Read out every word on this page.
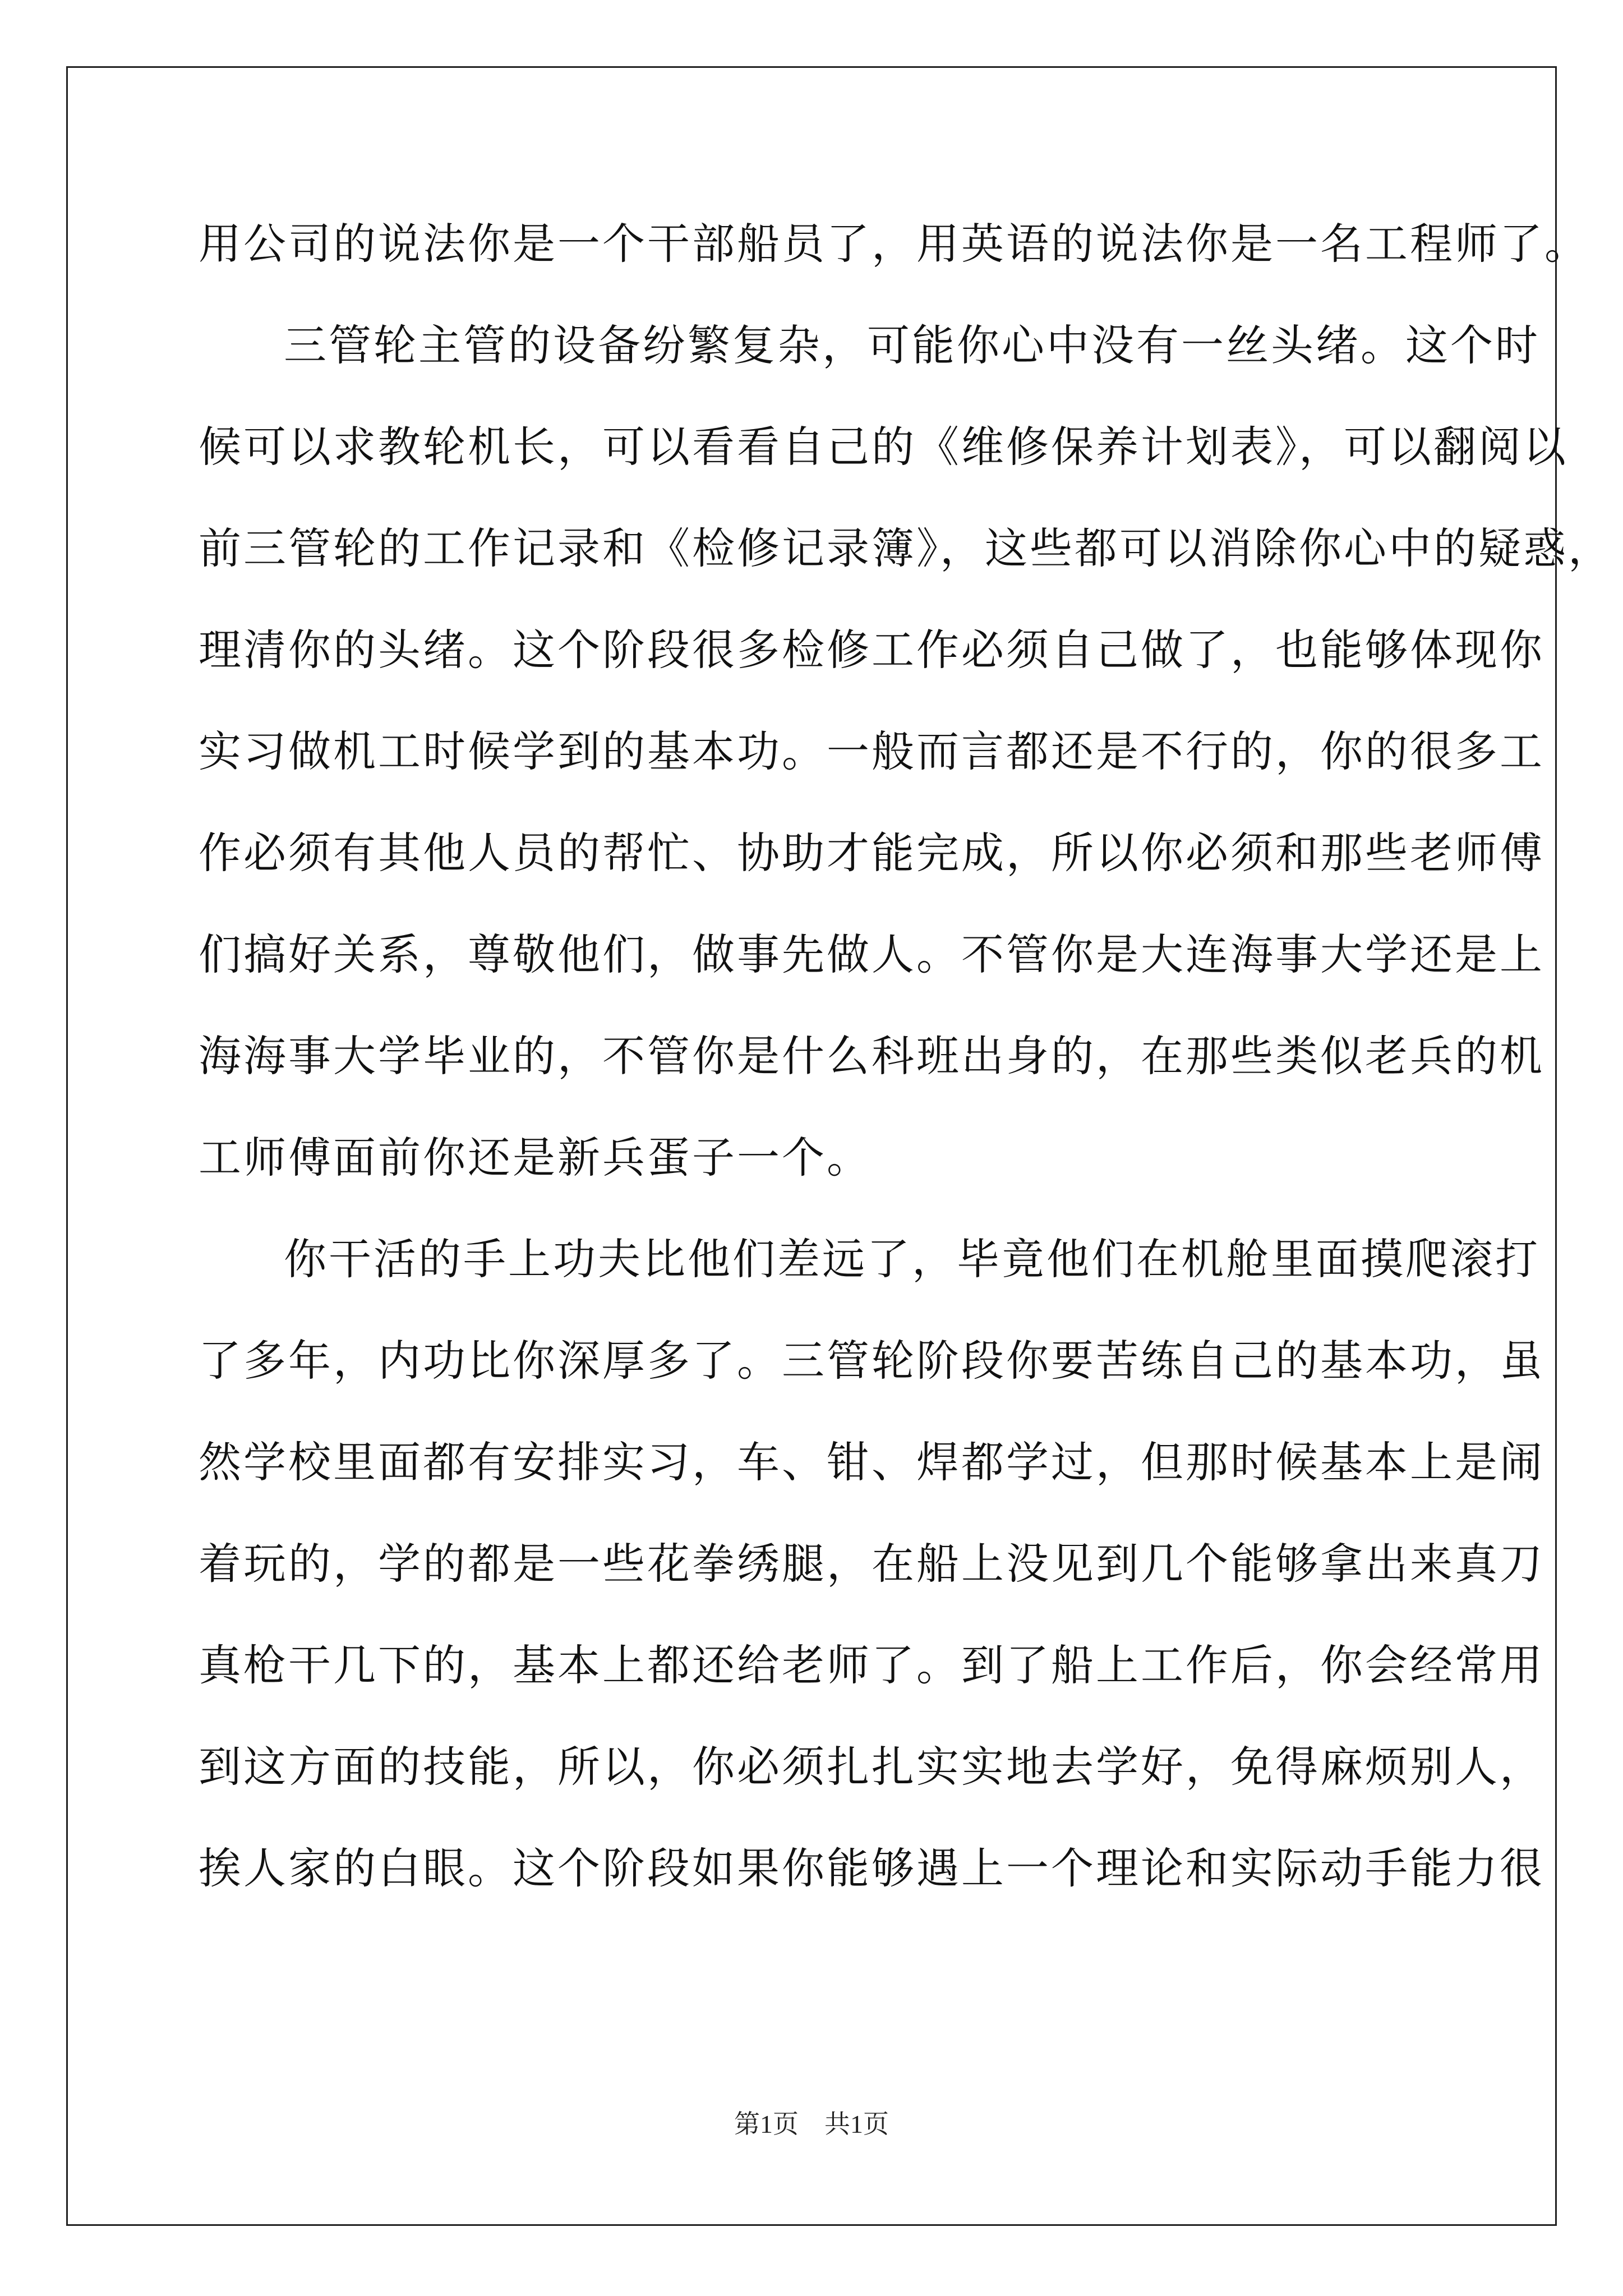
用公司的说法你是一个干部船员了，用英语的说法你是一名工程师了。
三管轮主管的设备纷繁复杂，可能你心中没有一丝头绪。这个时
候可以求教轮机长，可以看看自己的《维修保养计划表》，可以翻阅以
前三管轮的工作记录和《检修记录簿》，这些都可以消除你心中的疑惑，
理清你的头绪。这个阶段很多检修工作必须自己做了，也能够体现你
实习做机工时候学到的基本功。一般而言都还是不行的，你的很多工
作必须有其他人员的帮忙、协助才能完成，所以你必须和那些老师傅
们搞好关系，尊敬他们，做事先做人。不管你是大连海事大学还是上
海海事大学毕业的，不管你是什么科班出身的，在那些类似老兵的机
工师傅面前你还是新兵蛋子一个。
你干活的手上功夫比他们差远了，毕竟他们在机舱里面摸爬滚打
了多年，内功比你深厚多了。三管轮阶段你要苦练自己的基本功，虽
然学校里面都有安排实习，车、钳、焊都学过，但那时候基本上是闹
着玩的，学的都是一些花拳绣腿，在船上没见到几个能够拿出来真刀
真枪干几下的，基本上都还给老师了。到了船上工作后，你会经常用
到这方面的技能，所以，你必须扎扎实实地去学好，免得麻烦别人，
挨人家的白眼。这个阶段如果你能够遇上一个理论和实际动手能力很
第1页　共1页
